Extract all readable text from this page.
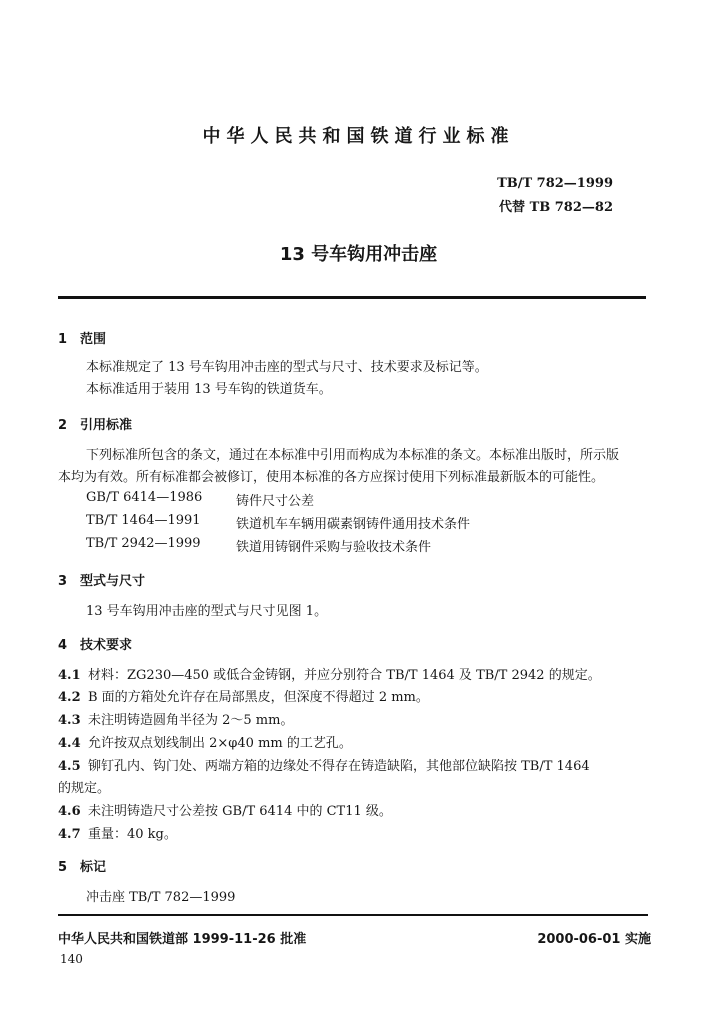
中华人民共和国铁道行业标准
TB/T 782—1999
代替 TB 782—82
13 号车钩用冲击座
1 范围
本标准规定了 13 号车钩用冲击座的型式与尺寸、技术要求及标记等。
本标准适用于装用 13 号车钩的铁道货车。
2 引用标准
下列标准所包含的条文，通过在本标准中引用而构成为本标准的条文。本标准出版时，所示版
本均为有效。所有标准都会被修订，使用本标准的各方应探讨使用下列标准最新版本的可能性。
GB/T 6414—1986	铸件尺寸公差
TB/T 1464—1991	铁道机车车辆用碳素钢铸件通用技术条件
TB/T 2942—1999	铁道用铸钢件采购与验收技术条件
3 型式与尺寸
13 号车钩用冲击座的型式与尺寸见图 1。
4 技术要求
4.1 材料：ZG230—450 或低合金铸钢，并应分别符合 TB/T 1464 及 TB/T 2942 的规定。
4.2 B 面的方箱处允许存在局部黑皮，但深度不得超过 2 mm。
4.3 未注明铸造圆角半径为 2～5 mm。
4.4 允许按双点划线制出 2×φ40 mm 的工艺孔。
4.5 铆钉孔内、钩门处、两端方箱的边缘处不得存在铸造缺陷，其他部位缺陷按 TB/T 1464
的规定。
4.6 未注明铸造尺寸公差按 GB/T 6414 中的 CT11 级。
4.7 重量：40 kg。
5 标记
冲击座 TB/T 782—1999
中华人民共和国铁道部 1999-11-26 批准	2000-06-01 实施
140
